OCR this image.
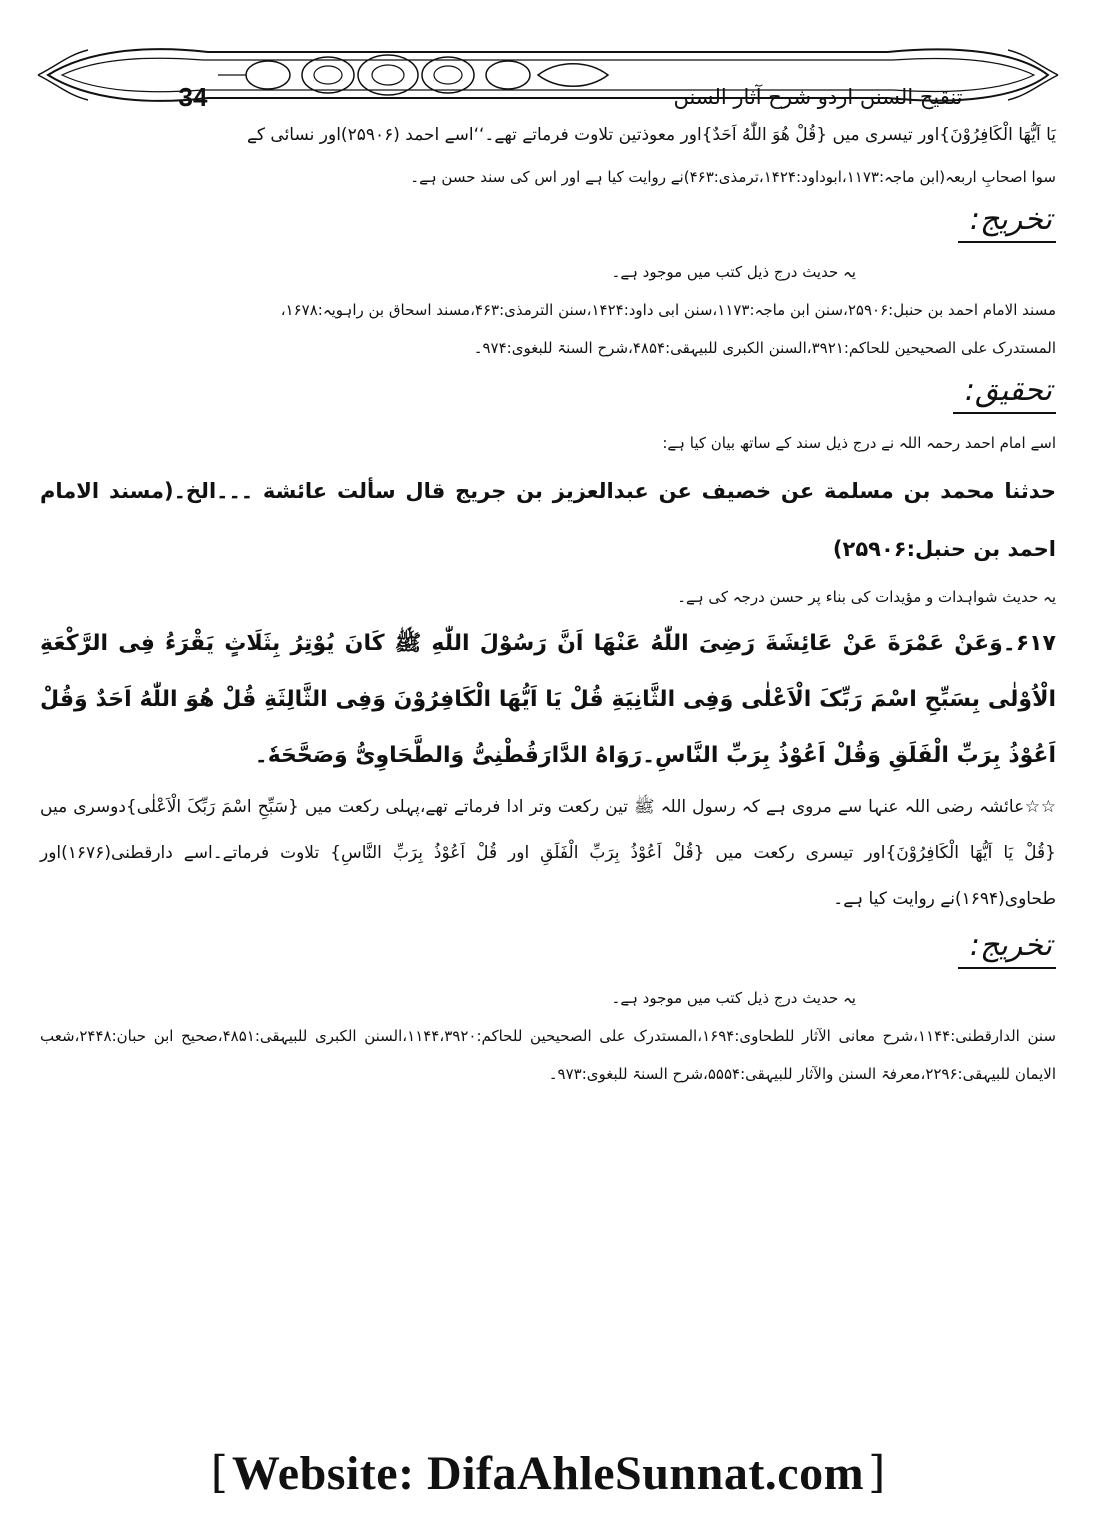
34	تنقیح السنن اردو شرح آثار السنن

یَا اَیُّهَا الْکَافِرُوْنَ}اور تیسری میں {قُلْ هُوَ اللّٰهُ اَحَدٌ}اور معوذتین تلاوت فرماتے تھے۔‘‘اسے احمد (۲۵۹۰۶)اور نسائی کے

سوا اصحابِ اربعہ(ابن ماجہ:۱۱۷۳،ابوداود:۱۴۲۴،ترمذی:۴۶۳)نے روایت کیا ہے اور اس کی سند حسن ہے۔

تخریج:

یہ حدیث درج ذیل کتب میں موجود ہے۔

مسند الامام احمد بن حنبل:۲۵۹۰۶،سنن ابن ماجہ:۱۱۷۳،سنن ابی داود:۱۴۲۴،سنن الترمذی:۴۶۳،مسند اسحاق بن راہویہ:۱۶۷۸،

المستدرک علی الصحیحین للحاکم:۳۹۲۱،السنن الکبری للبیہقی:۴۸۵۴،شرح السنۃ للبغوی:۹۷۴۔

تحقیق:

اسے امام احمد رحمہ اللہ نے درج ذیل سند کے ساتھ بیان کیا ہے:

حدثنا محمد بن مسلمة عن خصيف عن عبدالعزيز بن جريج قال سألت عائشة ۔۔۔الخ۔(مسند الامام احمد بن حنبل:۲۵۹۰۶)

یہ حدیث شواہدات و مؤیدات کی بناء پر حسن درجہ کی ہے۔

۶۱۷۔وَعَنْ عَمْرَةَ عَنْ عَائِشَةَ رَضِیَ اللّٰهُ عَنْهَا اَنَّ رَسُوْلَ اللّٰهِ ﷺ کَانَ یُوْتِرُ بِثَلَاثٍ یَقْرَءُ فِی الرَّکْعَةِ الْاُوْلٰی بِسَبِّحِ اسْمَ رَبِّکَ الْاَعْلٰی وَفِی الثَّانِیَةِ قُلْ یَا اَیُّهَا الْکَافِرُوْنَ وَفِی الثَّالِثَةِ قُلْ هُوَ اللّٰهُ اَحَدٌ وَقُلْ اَعُوْذُ بِرَبِّ الْفَلَقِ وَقُلْ اَعُوْذُ بِرَبِّ النَّاسِ۔رَوَاهُ الدَّارَقُطْنِیُّ وَالطَّحَاوِیُّ وَصَحَّحَهٗ۔

☆☆عائشہ رضی اللہ عنہا سے مروی ہے کہ رسول اللہ ﷺ تین رکعت وتر ادا فرماتے تھے،پہلی رکعت میں {سَبِّحِ اسْمَ رَبِّکَ الْاَعْلٰی}دوسری میں {قُلْ یَا اَیُّهَا الْکَافِرُوْنَ}اور تیسری رکعت میں {قُلْ اَعُوْذُ بِرَبِّ الْفَلَقِ اور قُلْ اَعُوْذُ بِرَبِّ النَّاسِ} تلاوت فرماتے۔اسے دارقطنی(۱۶۷۶)اور طحاوی(۱۶۹۴)نے روایت کیا ہے۔

تخریج:

یہ حدیث درج ذیل کتب میں موجود ہے۔

سنن الدارقطنی:۱۱۴۴،شرح معانی الآثار للطحاوی:۱۶۹۴،المستدرک علی الصحیحین للحاکم:۱۱۴۴،۳۹۲۰،السنن الکبری للبیہقی:۴۸۵۱،صحیح ابن حبان:۲۴۴۸،شعب الایمان للبیہقی:۲۲۹۶،معرفۃ السنن والآثار للبیہقی:۵۵۵۴،شرح السنۃ للبغوی:۹۷۳۔

[ Website: DifaAhleSunnat.com ]
